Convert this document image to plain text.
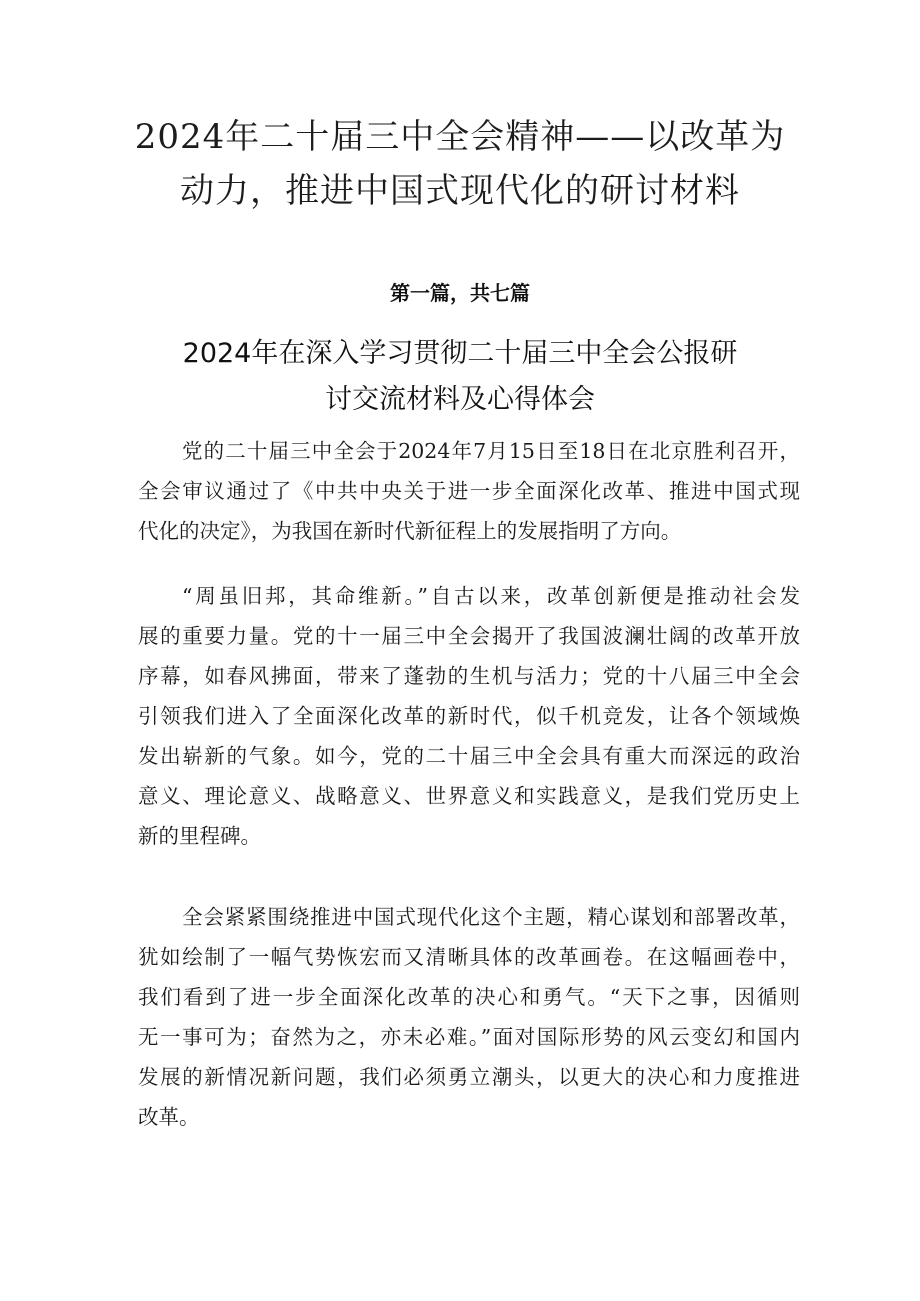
2024年二十届三中全会精神——以改革为
动力，推进中国式现代化的研讨材料
第一篇，共七篇
2024年在深入学习贯彻二十届三中全会公报研
讨交流材料及心得体会
党的二十届三中全会于2024年7月15日至18日在北京胜利召开，
全会审议通过了《中共中央关于进一步全面深化改革、推进中国式现
代化的决定》，为我国在新时代新征程上的发展指明了方向。
“周虽旧邦，其命维新。”自古以来，改革创新便是推动社会发
展的重要力量。党的十一届三中全会揭开了我国波澜壮阔的改革开放
序幕，如春风拂面，带来了蓬勃的生机与活力；党的十八届三中全会
引领我们进入了全面深化改革的新时代，似千机竞发，让各个领域焕
发出崭新的气象。如今，党的二十届三中全会具有重大而深远的政治
意义、理论意义、战略意义、世界意义和实践意义，是我们党历史上
新的里程碑。
全会紧紧围绕推进中国式现代化这个主题，精心谋划和部署改革，
犹如绘制了一幅气势恢宏而又清晰具体的改革画卷。在这幅画卷中，
我们看到了进一步全面深化改革的决心和勇气。“天下之事，因循则
无一事可为；奋然为之，亦未必难。”面对国际形势的风云变幻和国内
发展的新情况新问题，我们必须勇立潮头，以更大的决心和力度推进
改革。
